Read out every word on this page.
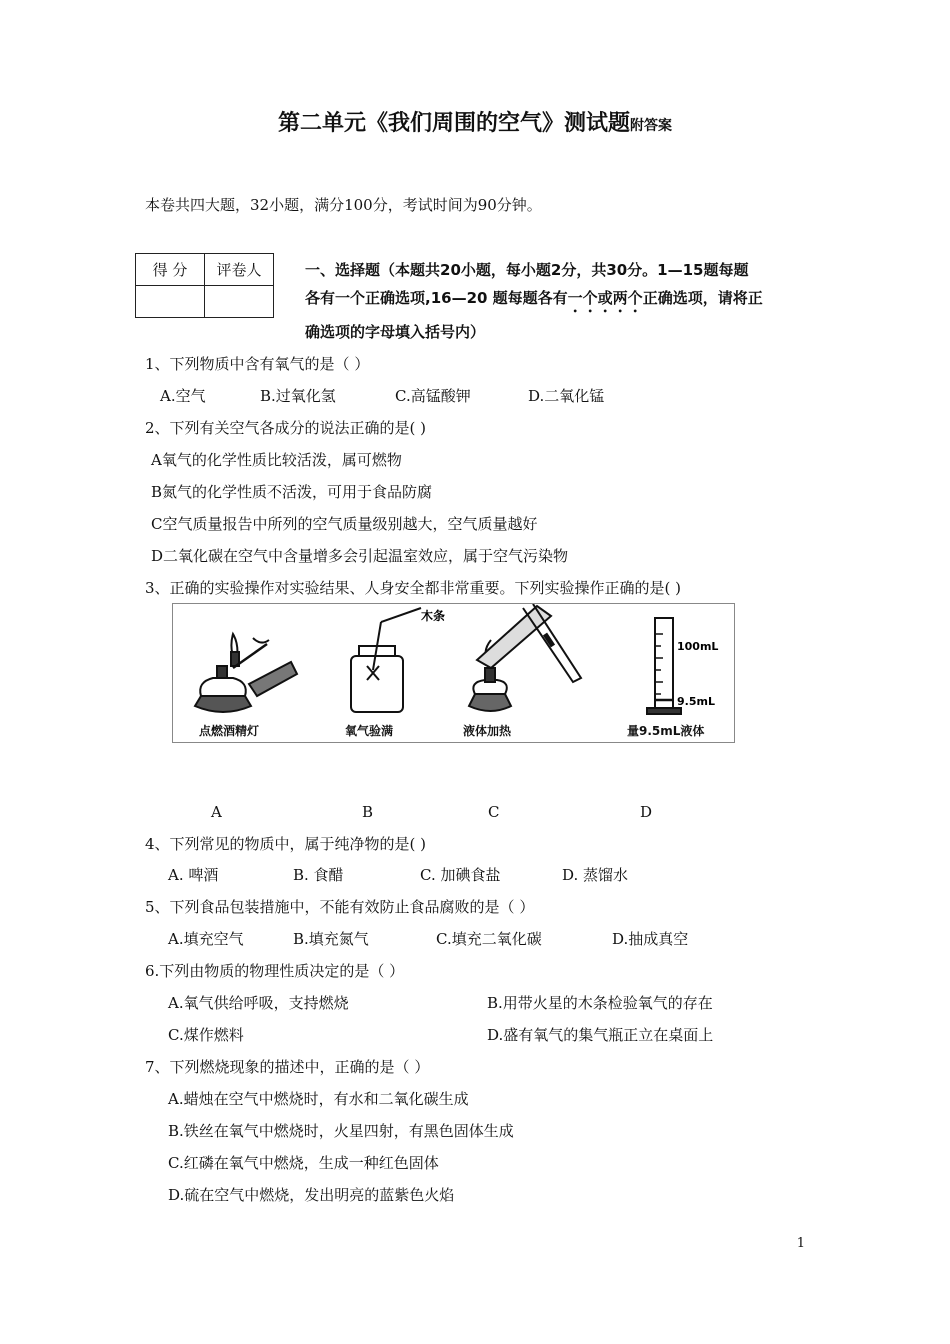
第二单元《我们周围的空气》测试题附答案
本卷共四大题，32小题，满分100分，考试时间为90分钟。
得 分	评卷人
		一、选择题（本题共20小题，每小题2分，共30分。1—15题每题
各有一个正确选项,16—20 题每题各有一个或两个正确选项，请将正
确选项的字母填入括号内）
1、下列物质中含有氧气的是（ ）
A.空气	B.过氧化氢	C.高锰酸钾	D.二氧化锰
2、下列有关空气各成分的说法正确的是( )
A氧气的化学性质比较活泼，属可燃物
B氮气的化学性质不活泼，可用于食品防腐
C空气质量报告中所列的空气质量级别越大，空气质量越好
D二氧化碳在空气中含量增多会引起温室效应，属于空气污染物
3、正确的实验操作对实验结果、人身安全都非常重要。下列实验操作正确的是( )
木条
100mL
9.5mL
点燃酒精灯	氧气验满	液体加热	量9.5mL液体
A	B	C	D
4、下列常见的物质中，属于纯净物的是( )
A. 啤酒	B. 食醋	C. 加碘食盐	D. 蒸馏水
5、下列食品包装措施中，不能有效防止食品腐败的是（ ）
A.填充空气	B.填充氮气	C.填充二氧化碳	D.抽成真空
6.下列由物质的物理性质决定的是（ ）
A.氧气供给呼吸，支持燃烧	B.用带火星的木条检验氧气的存在
C.煤作燃料	D.盛有氧气的集气瓶正立在桌面上
7、下列燃烧现象的描述中，正确的是（ ）
A.蜡烛在空气中燃烧时，有水和二氧化碳生成
B.铁丝在氧气中燃烧时，火星四射，有黑色固体生成
C.红磷在氧气中燃烧，生成一种红色固体
D.硫在空气中燃烧，发出明亮的蓝紫色火焰
1
